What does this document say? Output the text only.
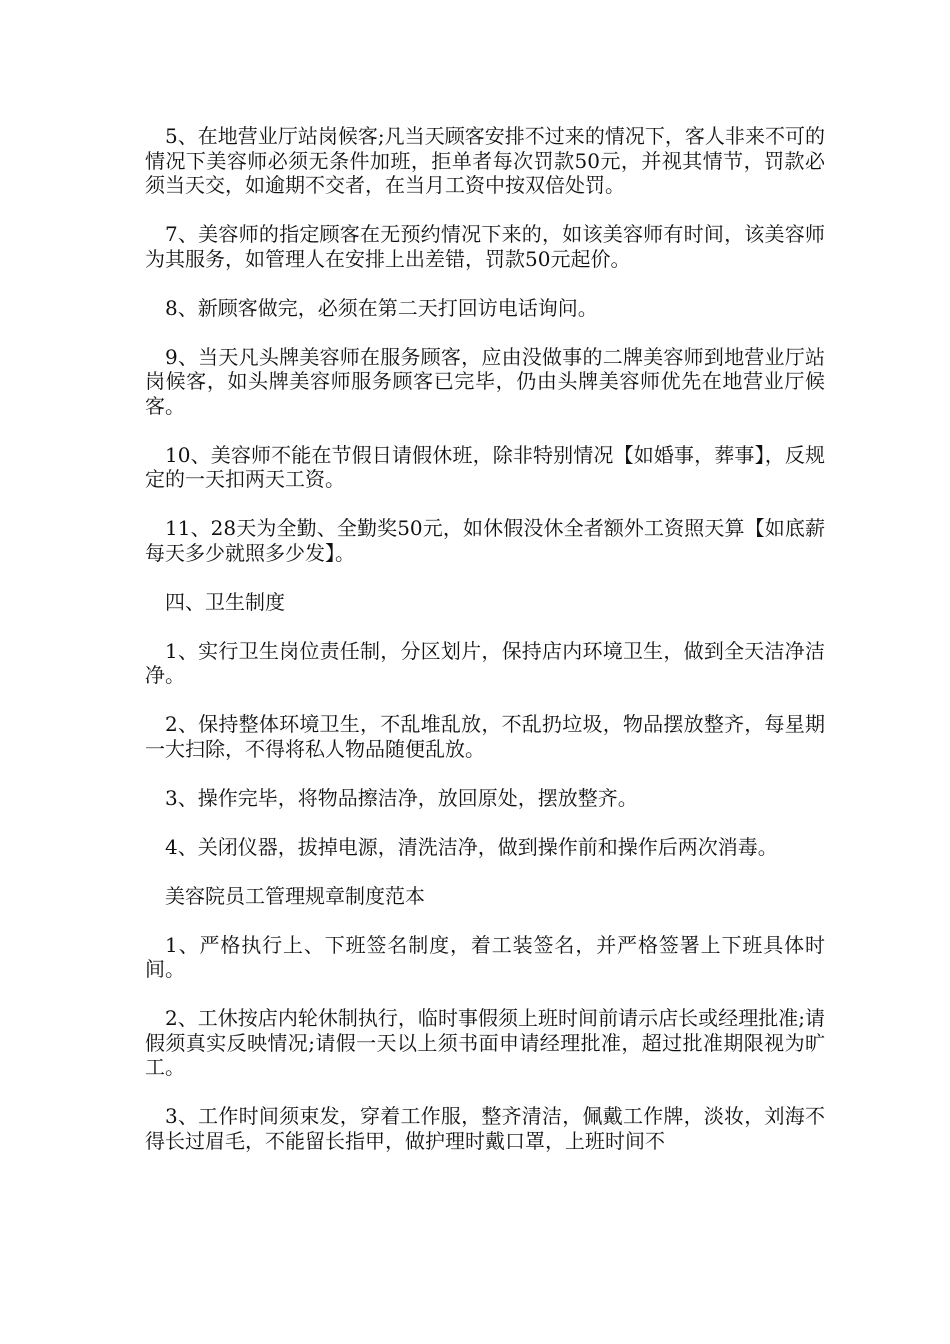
5、在地营业厅站岗候客;凡当天顾客安排不过来的情况下，客人非来不可的情况下美容师必须无条件加班，拒单者每次罚款50元，并视其情节，罚款必须当天交，如逾期不交者，在当月工资中按双倍处罚。

7、美容师的指定顾客在无预约情况下来的，如该美容师有时间，该美容师为其服务，如管理人在安排上出差错，罚款50元起价。

8、新顾客做完，必须在第二天打回访电话询问。

9、当天凡头牌美容师在服务顾客，应由没做事的二牌美容师到地营业厅站岗候客，如头牌美容师服务顾客已完毕，仍由头牌美容师优先在地营业厅候客。

10、美容师不能在节假日请假休班，除非特别情况【如婚事，葬事】，反规定的一天扣两天工资。

11、28天为全勤、全勤奖50元，如休假没休全者额外工资照天算【如底薪每天多少就照多少发】。

四、卫生制度

1、实行卫生岗位责任制，分区划片，保持店内环境卫生，做到全天洁净洁净。

2、保持整体环境卫生，不乱堆乱放，不乱扔垃圾，物品摆放整齐，每星期一大扫除，不得将私人物品随便乱放。

3、操作完毕，将物品擦洁净，放回原处，摆放整齐。

4、关闭仪器，拔掉电源，清洗洁净，做到操作前和操作后两次消毒。

美容院员工管理规章制度范本

1、严格执行上、下班签名制度，着工装签名，并严格签署上下班具体时间。

2、工休按店内轮休制执行，临时事假须上班时间前请示店长或经理批准;请假须真实反映情况;请假一天以上须书面申请经理批准，超过批准期限视为旷工。

3、工作时间须束发，穿着工作服，整齐清洁，佩戴工作牌，淡妆，刘海不得长过眉毛，不能留长指甲，做护理时戴口罩，上班时间不
